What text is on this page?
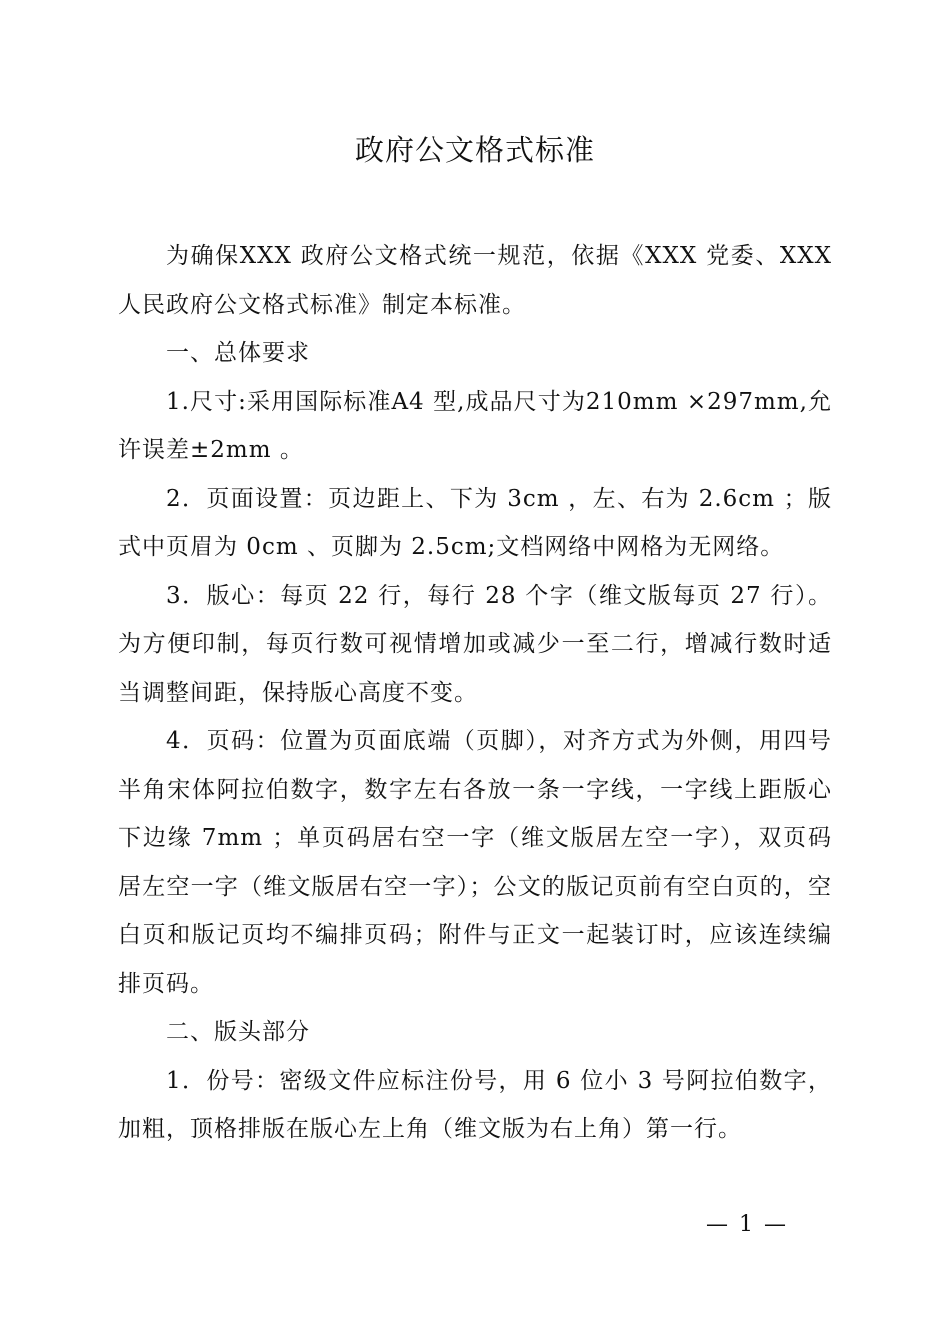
政府公文格式标准

为确保XXX 政府公文格式统一规范，依据《XXX 党委、XXX 人民政府公文格式标准》制定本标准。

一、总体要求

1.尺寸:采用国际标准A4 型,成品尺寸为210mm ×297mm,允许误差±2mm 。

2．页面设置：页边距上、下为 3cm ，左、右为 2.6cm ；版式中页眉为 0cm 、页脚为 2.5cm;文档网络中网格为无网络。

3．版心：每页 22 行，每行 28 个字（维文版每页 27 行）。为方便印制，每页行数可视情增加或减少一至二行，增减行数时适当调整间距，保持版心高度不变。

4．页码：位置为页面底端（页脚），对齐方式为外侧，用四号半角宋体阿拉伯数字，数字左右各放一条一字线，一字线上距版心下边缘 7mm ；单页码居右空一字（维文版居左空一字），双页码居左空一字（维文版居右空一字）；公文的版记页前有空白页的，空白页和版记页均不编排页码；附件与正文一起装订时，应该连续编排页码。

二、版头部分

1．份号：密级文件应标注份号，用 6 位小 3 号阿拉伯数字，加粗，顶格排版在版心左上角（维文版为右上角）第一行。

— 1 —
